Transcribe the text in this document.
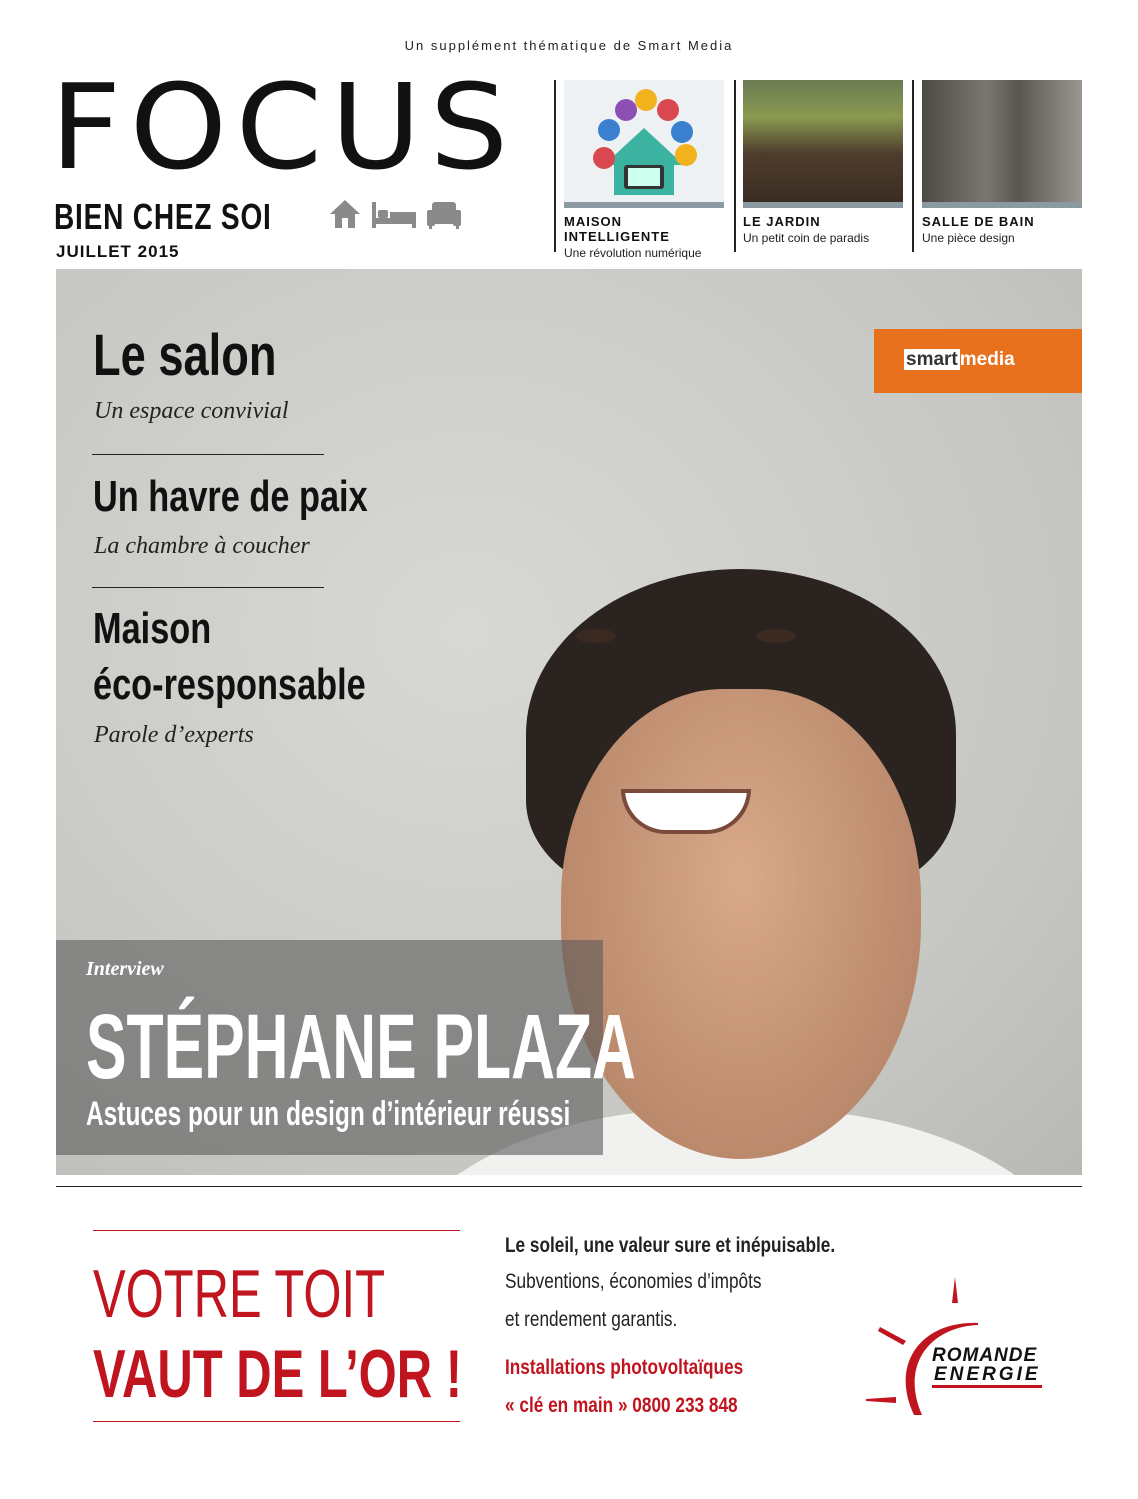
Un supplément thématique de Smart Media
FOCUS
BIEN CHEZ SOI
JUILLET 2015
MAISON INTELLIGENTE
Une révolution numérique
LE JARDIN
Un petit coin de paradis
SALLE DE BAIN
Une pièce design
Le salon
Un espace convivial
Un havre de paix
La chambre à coucher
Maison
éco-responsable
Parole d’experts
smart media
Interview
STÉPHANE PLAZA
Astuces pour un design d’intérieur réussi
VOTRE TOIT
VAUT DE L’OR !
Le soleil, une valeur sure et inépuisable.
Subventions, économies d’impôts
et rendement garantis.
Installations photovoltaïques
« clé en main » 0800 233 848
ROMANDE
ENERGIE
